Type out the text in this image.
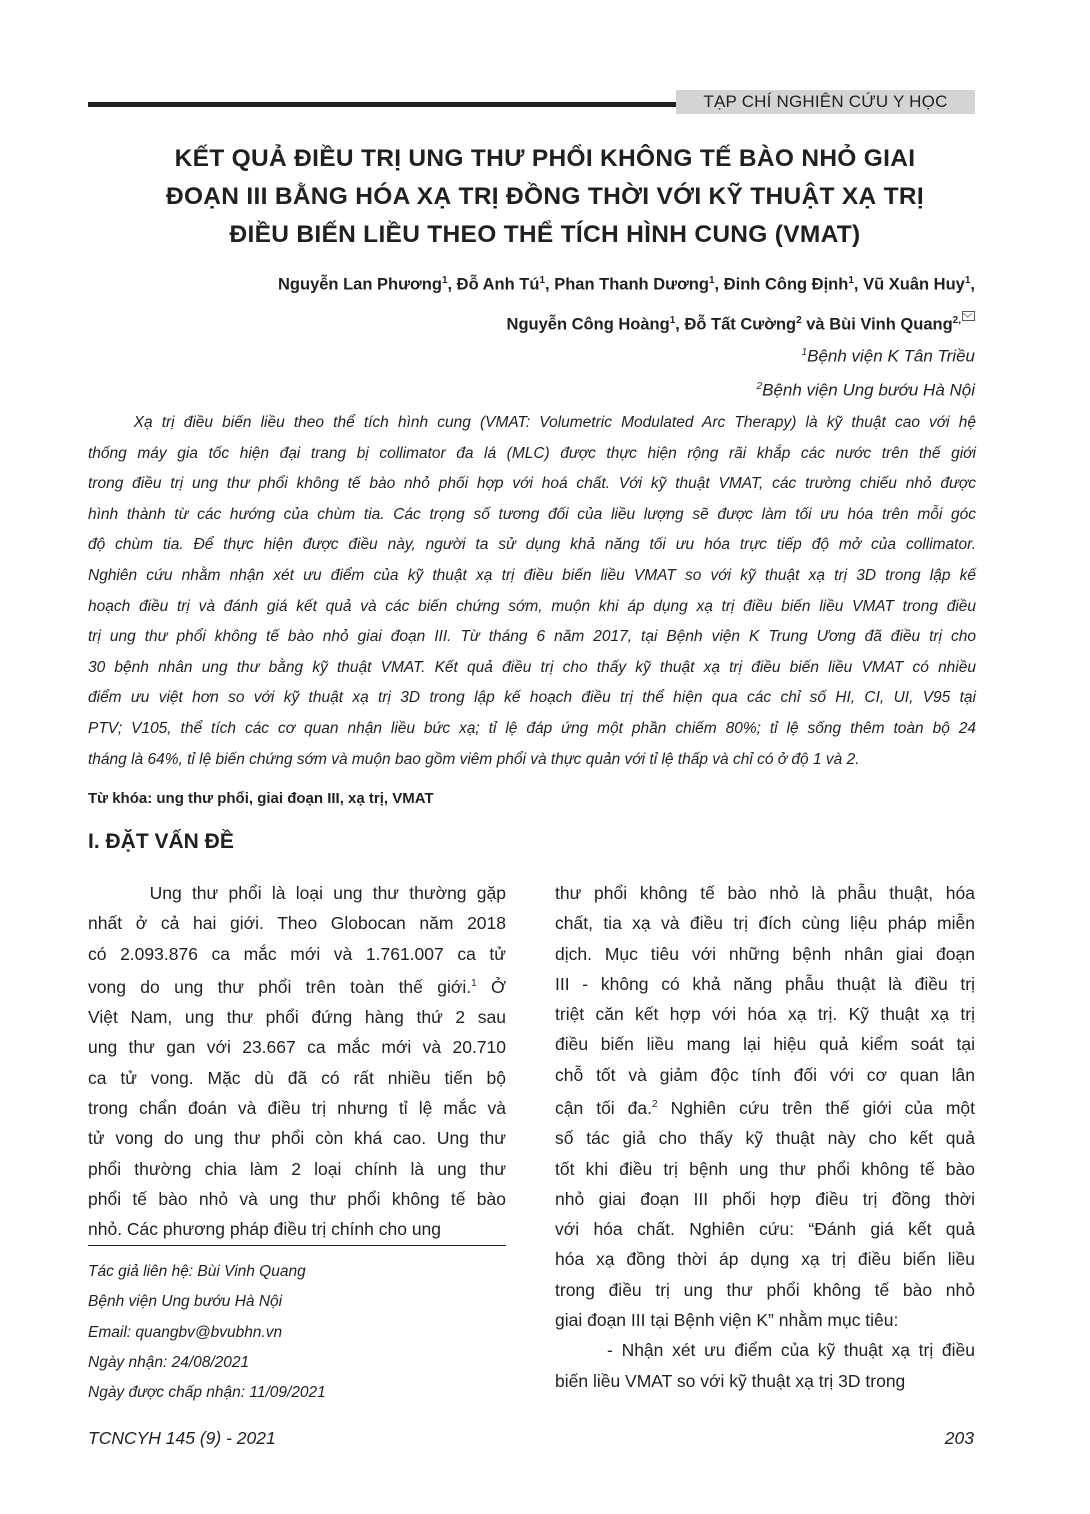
TẠP CHÍ NGHIÊN CỨU Y HỌC
KẾT QUẢ ĐIỀU TRỊ UNG THƯ PHỔI KHÔNG TẾ BÀO NHỎ GIAI
ĐOẠN III BẰNG HÓA XẠ TRỊ ĐỒNG THỜI VỚI KỸ THUẬT XẠ TRỊ
ĐIỀU BIẾN LIỀU THEO THỂ TÍCH HÌNH CUNG (VMAT)
Nguyễn Lan Phương$^1$, Đỗ Anh $Tú^1$, Phan Thanh Dương$^1$, Đinh Công Định$^1$, Vũ Xuân Huy$^1$,
Nguyễn Công Hoàng$^1$, Đỗ Tất Cường$^2$ và Bùi Vinh Quang$^{2,}$
$^1$Bệnh viện K Tân Triều
$^2$Bệnh viện Ung bướu Hà Nội
Xạ trị điều biến liều theo thể tích hình cung (VMAT: Volumetric Modulated Arc Therapy) là kỹ thuật cao với hệ
thống máy gia tốc hiện đại trang bị collimator đa lá (MLC) được thực hiện rộng rãi khắp các nước trên thế giới
trong điều trị ung thư phổi không tế bào nhỏ phối hợp với hoá chất. Với kỹ thuật VMAT, các trường chiếu nhỏ được
hình thành từ các hướng của chùm tia. Các trọng số tương đối của liều lượng sẽ được làm tối ưu hóa trên mỗi góc
độ chùm tia. Để thực hiện được điều này, người ta sử dụng khả năng tối ưu hóa trực tiếp độ mở của collimator.
Nghiên cứu nhằm nhận xét ưu điểm của kỹ thuật xạ trị điều biến liều VMAT so với kỹ thuật xạ trị 3D trong lập kế
hoạch điều trị và đánh giá kết quả và các biến chứng sớm, muộn khi áp dụng xạ trị điều biến liều VMAT trong điều
trị ung thư phổi không tế bào nhỏ giai đoạn III. Từ tháng 6 năm 2017, tại Bệnh viện K Trung Ương đã điều trị cho
30 bệnh nhân ung thư bằng kỹ thuật VMAT. Kết quả điều trị cho thấy kỹ thuật xạ trị điều biến liều VMAT có nhiều
điểm ưu việt hơn so với kỹ thuật xạ trị 3D trong lập kế hoạch điều trị thể hiện qua các chỉ số HI, CI, UI, V95 tại
PTV; V105, thể tích các cơ quan nhận liều bức xạ; tỉ lệ đáp ứng một phần chiếm 80%; tỉ lệ sống thêm toàn bộ 24
tháng là 64%, tỉ lệ biến chứng sớm và muộn bao gồm viêm phổi và thực quản với tỉ lệ thấp và chỉ có ở độ 1 và 2.
Từ khóa: ung thư phổi, giai đoạn III, xạ trị, VMAT
I. ĐẶT VẤN ĐỀ
Ung thư phổi là loại ung thư thường gặp
nhất ở cả hai giới. Theo Globocan năm 2018
có 2.093.876 ca mắc mới và 1.761.007 ca tử
vong do ung thư phổi trên toàn thế giới.$^1$ Ở
Việt Nam, ung thư phổi đứng hàng thứ 2 sau
ung thư gan với 23.667 ca mắc mới và 20.710
ca tử vong. Mặc dù đã có rất nhiều tiến bộ
trong chẩn đoán và điều trị nhưng tỉ lệ mắc và
tử vong do ung thư phổi còn khá cao. Ung thư
phổi thường chia làm 2 loại chính là ung thư
phổi tế bào nhỏ và ung thư phổi không tế bào
nhỏ. Các phương pháp điều trị chính cho ung
thư phổi không tế bào nhỏ là phẫu thuật, hóa
chất, tia xạ và điều trị đích cùng liệu pháp miễn
dịch. Mục tiêu với những bệnh nhân giai đoạn
III - không có khả năng phẫu thuật là điều trị
triệt căn kết hợp với hóa xạ trị. Kỹ thuật xạ trị
điều biến liều mang lại hiệu quả kiểm soát tại
chỗ tốt và giảm độc tính đối với cơ quan lân
cận tối đa.$^2$ Nghiên cứu trên thế giới của một
số tác giả cho thấy kỹ thuật này cho kết quả
tốt khi điều trị bệnh ung thư phổi không tế bào
nhỏ giai đoạn III phối hợp điều trị đồng thời
với hóa chất. Nghiên cứu: “Đánh giá kết quả
hóa xạ đồng thời áp dụng xạ trị điều biến liều
trong điều trị ung thư phổi không tế bào nhỏ
giai đoạn III tại Bệnh viện K” nhằm mục tiêu:
- Nhận xét ưu điểm của kỹ thuật xạ trị điều
biến liều VMAT so với kỹ thuật xạ trị 3D trong
Tác giả liên hệ: Bùi Vinh Quang
Bệnh viện Ung bướu Hà Nội
Email: quangbv@bvubhn.vn
Ngày nhận: 24/08/2021
Ngày được chấp nhận: 11/09/2021
TCNCYH 145 (9) - 2021	203
